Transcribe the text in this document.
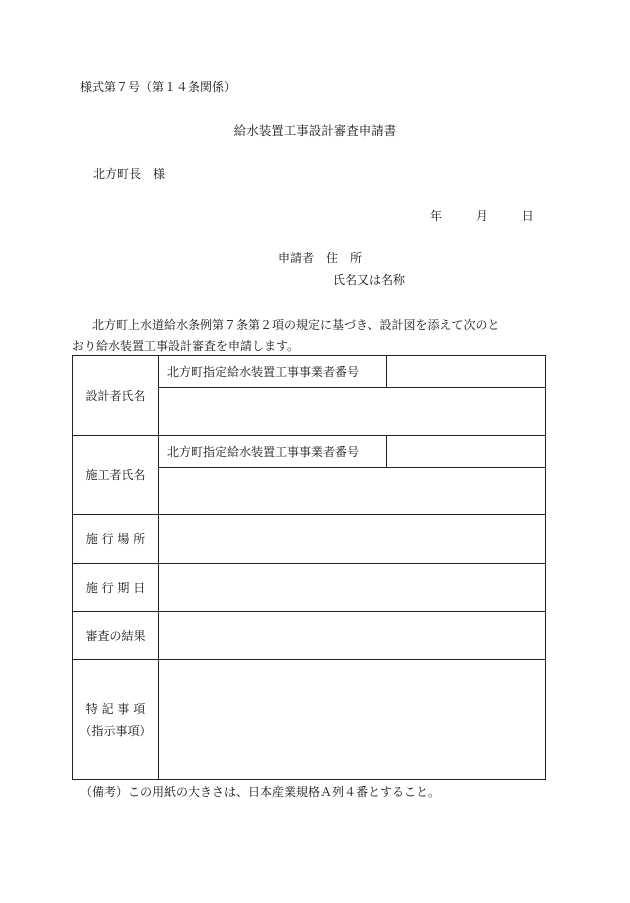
様式第７号（第１４条関係）
給水装置工事設計審査申請書
北方町長　様
年	月	日
申請者　住　所
氏名又は名称
北方町上水道給水条例第７条第２項の規定に基づき、設計図を添えて次のと
おり給水装置工事設計審査を申請します。
設計者氏名	北方町指定給水装置工事事業者番号	

施工者氏名	北方町指定給水装置工事事業者番号	

施 行 場 所		
施 行 期 日		
審査の結果		

特 記 事 項
（指示事項）		

（備考）この用紙の大きさは、日本産業規格Ａ列４番とすること。
